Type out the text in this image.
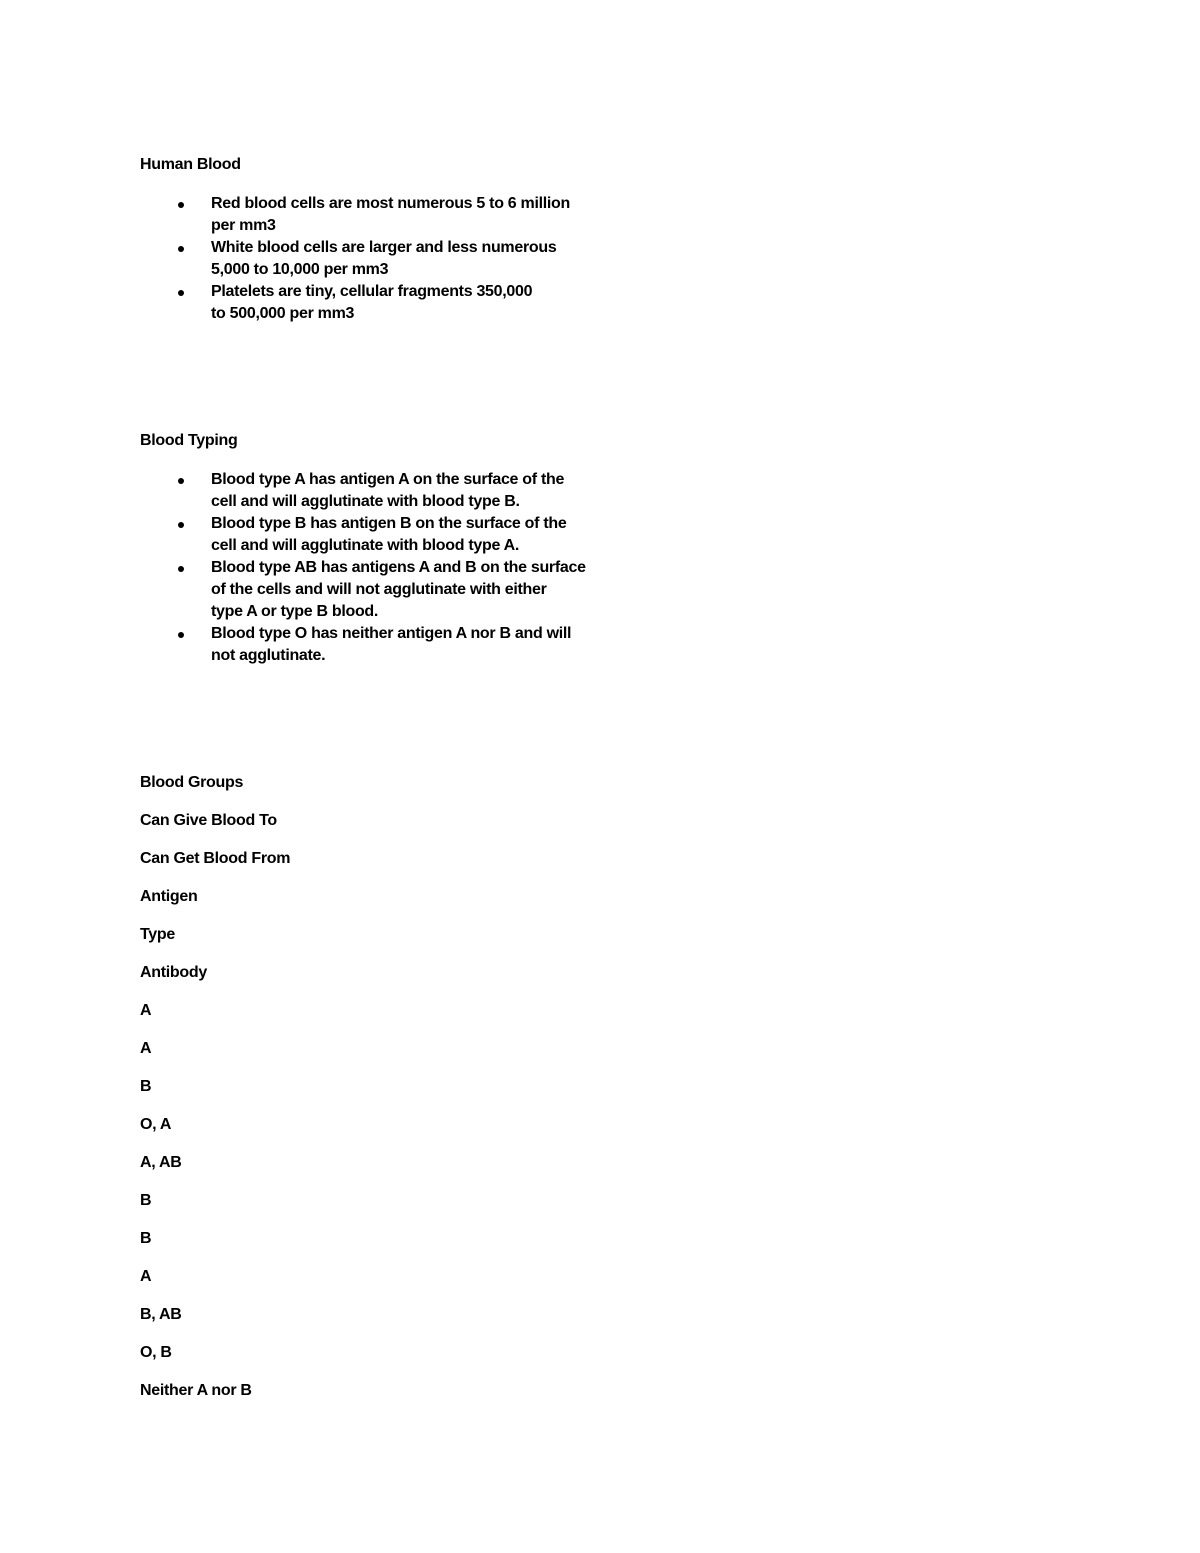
Human Blood
Red blood cells are most numerous 5 to 6 million
per mm3
White blood cells are larger and less numerous
5,000 to 10,000 per mm3
Platelets are tiny, cellular fragments 350,000
to 500,000 per mm3
Blood Typing
Blood type A has antigen A on the surface of the
cell and will agglutinate with blood type B.
Blood type B has antigen B on the surface of the
cell and will agglutinate with blood type A.
Blood type AB has antigens A and B on the surface
of the cells and will not agglutinate with either
type A or type B blood.
Blood type O has neither antigen A nor B and will
not agglutinate.
Blood Groups
Can Give Blood To
Can Get Blood From
Antigen
Type
Antibody
A
A
B
O, A
A, AB
B
B
A
B, AB
O, B
Neither A nor B
